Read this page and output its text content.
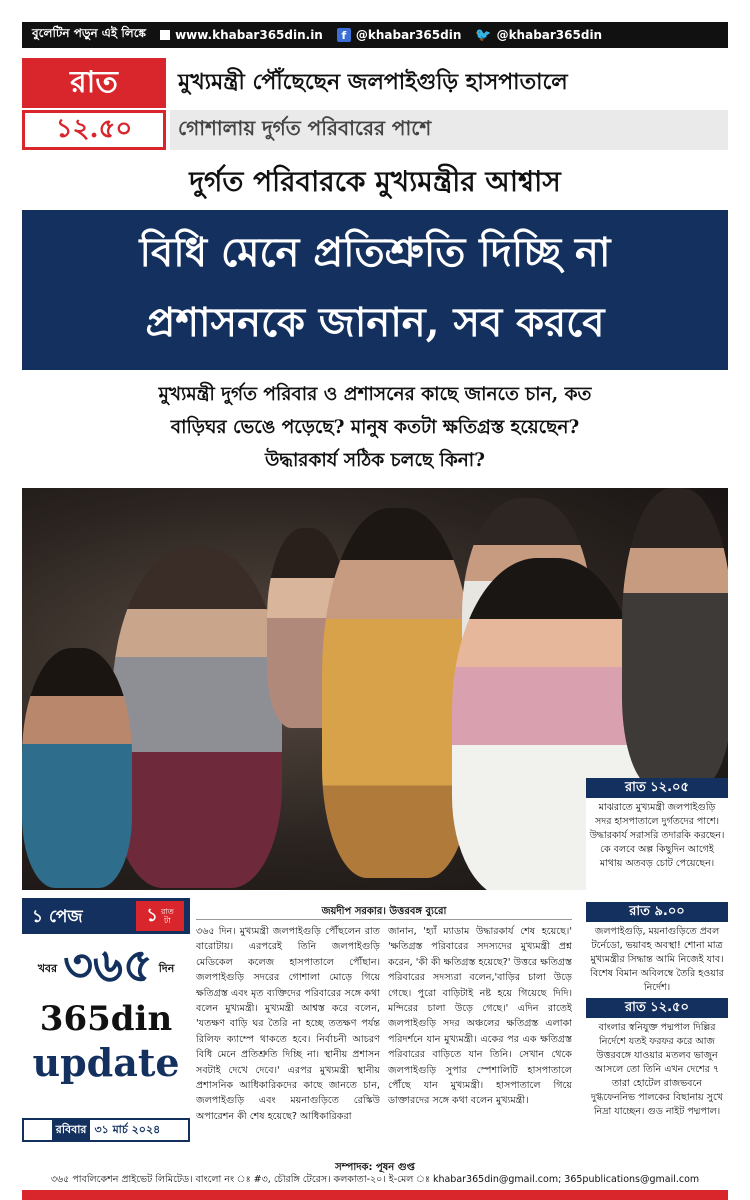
বুলেটিন পড়ুন এই লিঙ্কে	www.khabar365din.in	f @khabar365din 🐦 @khabar365din
রাত
১২.৫০
মুখ্যমন্ত্রী পৌঁছেছেন জলপাইগুড়ি হাসপাতালে
গোশালায় দুর্গত পরিবারের পাশে
দুর্গত পরিবারকে মুখ্যমন্ত্রীর আশ্বাস
বিধি মেনে প্রতিশ্রুতি দিচ্ছি না
প্রশাসনকে জানান, সব করবে
মুখ্যমন্ত্রী দুর্গত পরিবার ও প্রশাসনের কাছে জানতে চান, কত
বাড়িঘর ভেঙে পড়েছে? মানুষ কতটা ক্ষতিগ্রস্ত হয়েছেন?
উদ্ধারকার্য সঠিক চলছে কিনা?
রাত ১২.০৫
মাঝরাতে মুখ্যমন্ত্রী জলপাইগুড়ি সদর হাসপাতালে দুর্গতদের পাশে। উদ্ধারকার্য সরাসরি তদারকি করছেন। কে বলবে অল্প কিছুদিন আগেই মাথায় অতবড় চোট পেয়েছেন।
রাত ৯.০০
জলপাইগুড়ি, ময়নাগুড়িতে প্রবল টর্নেডো, ভয়াবহ অবস্থা! শোনা মাত্র মুখ্যমন্ত্রীর সিদ্ধান্ত আমি নিজেই যাব। বিশেষ বিমান অবিলম্বে তৈরি হওয়ার নির্দেশ।
রাত ১২.৫০
বাংলার স্বনিযুক্ত পদ্মপাল দিল্লির নির্দেশে যতই ফরফর করে আজ উত্তরবঙ্গে যাওয়ার মতলব ভাজুন আসলে তো তিনি এখন দেশের ৭ তারা হোটেল রাজভবনে দুগ্ধফেননিভ পালকের বিছানায় সুখে নিদ্রা যাচ্ছেন। গুড নাইট পদ্মপাল।
জয়দীপ সরকার। উত্তরবঙ্গ ব্যুরো
৩৬৫ দিন। মুখ্যমন্ত্রী জলপাইগুড়ি পৌঁছলেন রাত বারোটায়। এরপরেই তিনি জলপাইগুড়ি মেডিকেল কলেজ হাসপাতালে পৌঁছান। জলপাইগুড়ি সদরের গোশালা মোড়ে গিয়ে ক্ষতিগ্রস্ত এবং মৃত ব্যক্তিদের পরিবারের সঙ্গে কথা বলেন মুখ্যমন্ত্রী। মুখ্যমন্ত্রী আশ্বস্ত করে বলেন, 'যতক্ষণ বাড়ি ঘর তৈরি না হচ্ছে ততক্ষণ পর্যন্ত রিলিফ ক্যাম্পে থাকতে হবে। নির্বাচনী আচরণ বিধি মেনে প্রতিশ্রুতি দিচ্ছি না। স্থানীয় প্রশাসন সবটাই দেখে দেবে।' এরপর মুখ্যমন্ত্রী স্থানীয় প্রশাসনিক আধিকারিকদের কাছে জানতে চান, জলপাইগুড়ি এবং ময়নাগুড়িতে রেস্কিউ অপারেশন কী শেষ হয়েছে? আধিকারিকরা
জানান, 'হ্যাঁ ম্যাডাম উদ্ধারকার্য শেষ হয়েছে।' 'ক্ষতিগ্রস্ত পরিবারের সদস্যদের মুখ্যমন্ত্রী প্রশ্ন করেন, 'কী কী ক্ষতিগ্রস্ত হয়েছে?' উত্তরে ক্ষতিগ্রস্ত পরিবারের সদস্যরা বলেন,'বাড়ির চালা উড়ে গেছে। পুরো বাড়িটাই নষ্ট হয়ে গিয়েছে দিদি। মন্দিরের চালা উড়ে গেছে।' এদিন রাতেই জলপাইগুড়ি সদর অঞ্চলের ক্ষতিগ্রস্ত এলাকা পরিদর্শনে যান মুখ্যমন্ত্রী। একের পর এক ক্ষতিগ্রস্ত পরিবারের বাড়িতে যান তিনি। সেখান থেকে জলপাইগুড়ি সুপার স্পেশালিটি হাসপাতালে পৌঁছে যান মুখ্যমন্ত্রী। হাসপাতালে গিয়ে ডাক্তারদের সঙ্গে কথা বলেন মুখ্যমন্ত্রী।
১ পেজ	১ রাত
টা
খবর ৩৬৫ দিন
365din
update
রবিবার ৩১ মার্চ ২০২৪
সম্পাদক: পূষন গুপ্ত
৩৬৫ পাবলিকেশন প্রাইভেট লিমিটেড। বাংলো নং ঃ #৩, চৌরঙ্গি টেরেস। কলকাতা-২০। ই-মেল ঃ khabar365din@gmail.com; 365publications@gmail.com
